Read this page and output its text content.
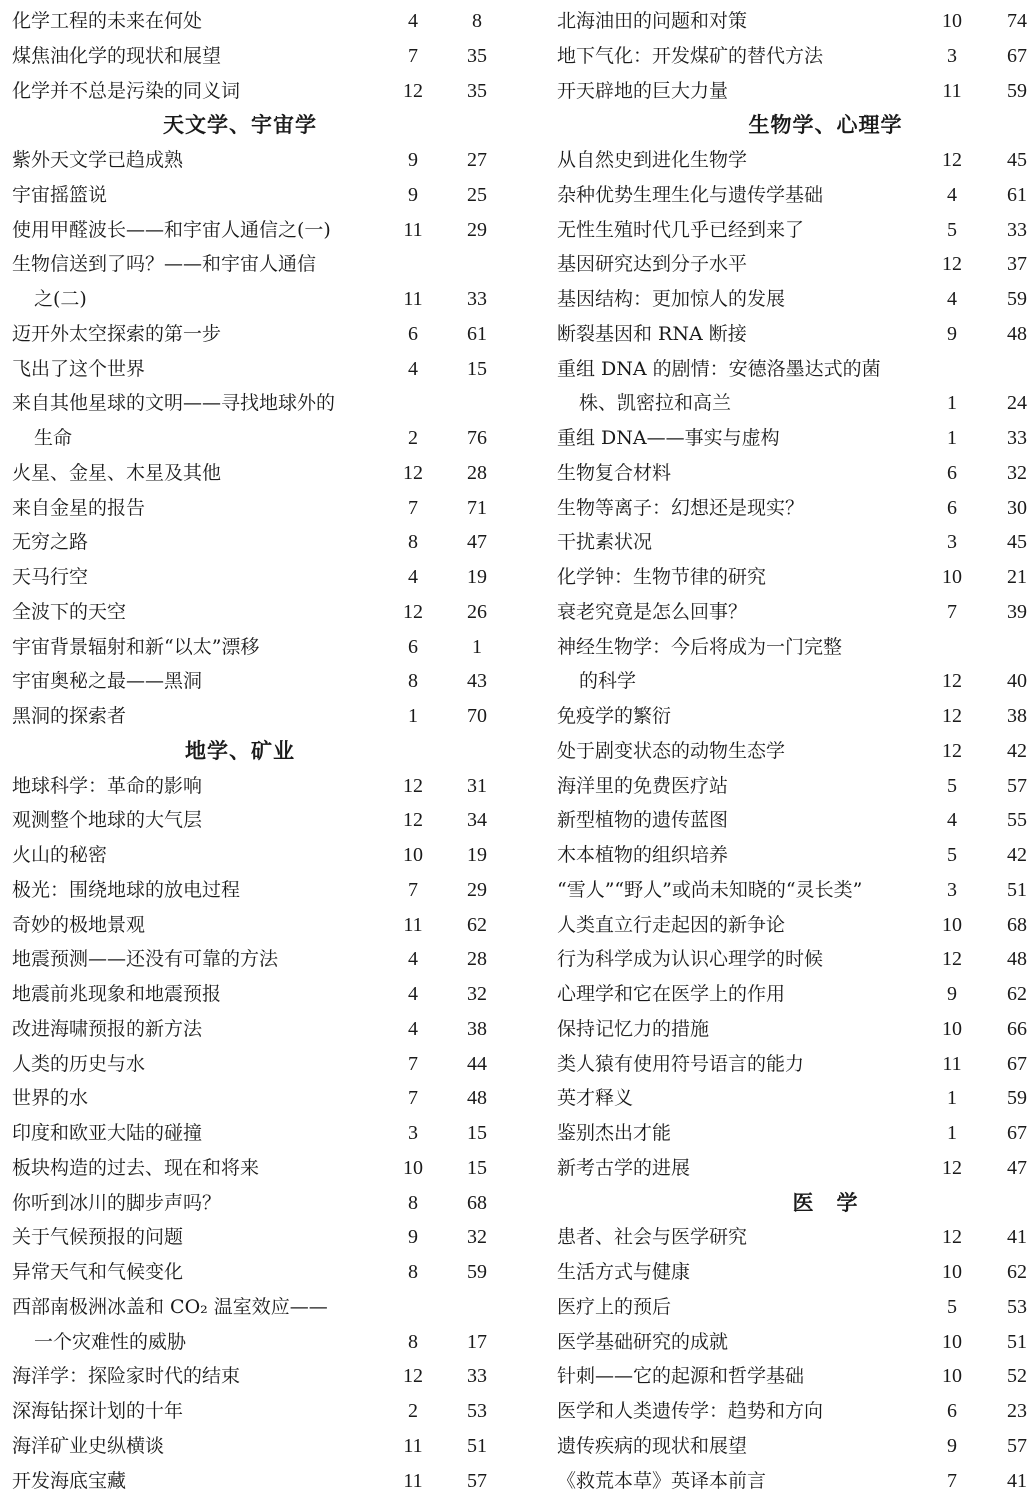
化学工程的未来在何处	4	8
煤焦油化学的现状和展望	7	35
化学并不总是污染的同义词	12	35
天文学、宇宙学
紫外天文学已趋成熟	9	27
宇宙摇篮说	9	25
使用甲醛波长——和宇宙人通信之(一)	11	29
生物信送到了吗？——和宇宙人通信
之(二)	11	33
迈开外太空探索的第一步	6	61
飞出了这个世界	4	15
来自其他星球的文明——寻找地球外的
生命	2	76
火星、金星、木星及其他	12	28
来自金星的报告	7	71
无穷之路	8	47
天马行空	4	19
全波下的天空	12	26
宇宙背景辐射和新“以太”漂移	6	1
宇宙奥秘之最——黑洞	8	43
黑洞的探索者	1	70
地学、矿业
地球科学：革命的影响	12	31
观测整个地球的大气层	12	34
火山的秘密	10	19
极光：围绕地球的放电过程	7	29
奇妙的极地景观	11	62
地震预测——还没有可靠的方法	4	28
地震前兆现象和地震预报	4	32
改进海啸预报的新方法	4	38
人类的历史与水	7	44
世界的水	7	48
印度和欧亚大陆的碰撞	3	15
板块构造的过去、现在和将来	10	15
你听到冰川的脚步声吗？	8	68
关于气候预报的问题	9	32
异常天气和气候变化	8	59
西部南极洲冰盖和 CO₂ 温室效应——
一个灾难性的威胁	8	17
海洋学：探险家时代的结束	12	33
深海钻探计划的十年	2	53
海洋矿业史纵横谈	11	51
开发海底宝藏	11	57
北海油田的问题和对策	10	74
地下气化：开发煤矿的替代方法	3	67
开天辟地的巨大力量	11	59
生物学、心理学
从自然史到进化生物学	12	45
杂种优势生理生化与遗传学基础	4	61
无性生殖时代几乎已经到来了	5	33
基因研究达到分子水平	12	37
基因结构：更加惊人的发展	4	59
断裂基因和 RNA 断接	9	48
重组 DNA 的剧情：安德洛墨达式的菌
株、凯密拉和高兰	1	24
重组 DNA——事实与虚构	1	33
生物复合材料	6	32
生物等离子：幻想还是现实？	6	30
干扰素状况	3	45
化学钟：生物节律的研究	10	21
衰老究竟是怎么回事？	7	39
神经生物学：今后将成为一门完整
的科学	12	40
免疫学的繁衍	12	38
处于剧变状态的动物生态学	12	42
海洋里的免费医疗站	5	57
新型植物的遗传蓝图	4	55
木本植物的组织培养	5	42
“雪人”“野人”或尚未知晓的“灵长类”	3	51
人类直立行走起因的新争论	10	68
行为科学成为认识心理学的时候	12	48
心理学和它在医学上的作用	9	62
保持记忆力的措施	10	66
类人猿有使用符号语言的能力	11	67
英才释义	1	59
鉴别杰出才能	1	67
新考古学的进展	12	47
医　学
患者、社会与医学研究	12	41
生活方式与健康	10	62
医疗上的预后	5	53
医学基础研究的成就	10	51
针刺——它的起源和哲学基础	10	52
医学和人类遗传学：趋势和方向	6	23
遗传疾病的现状和展望	9	57
《救荒本草》英译本前言	7	41
